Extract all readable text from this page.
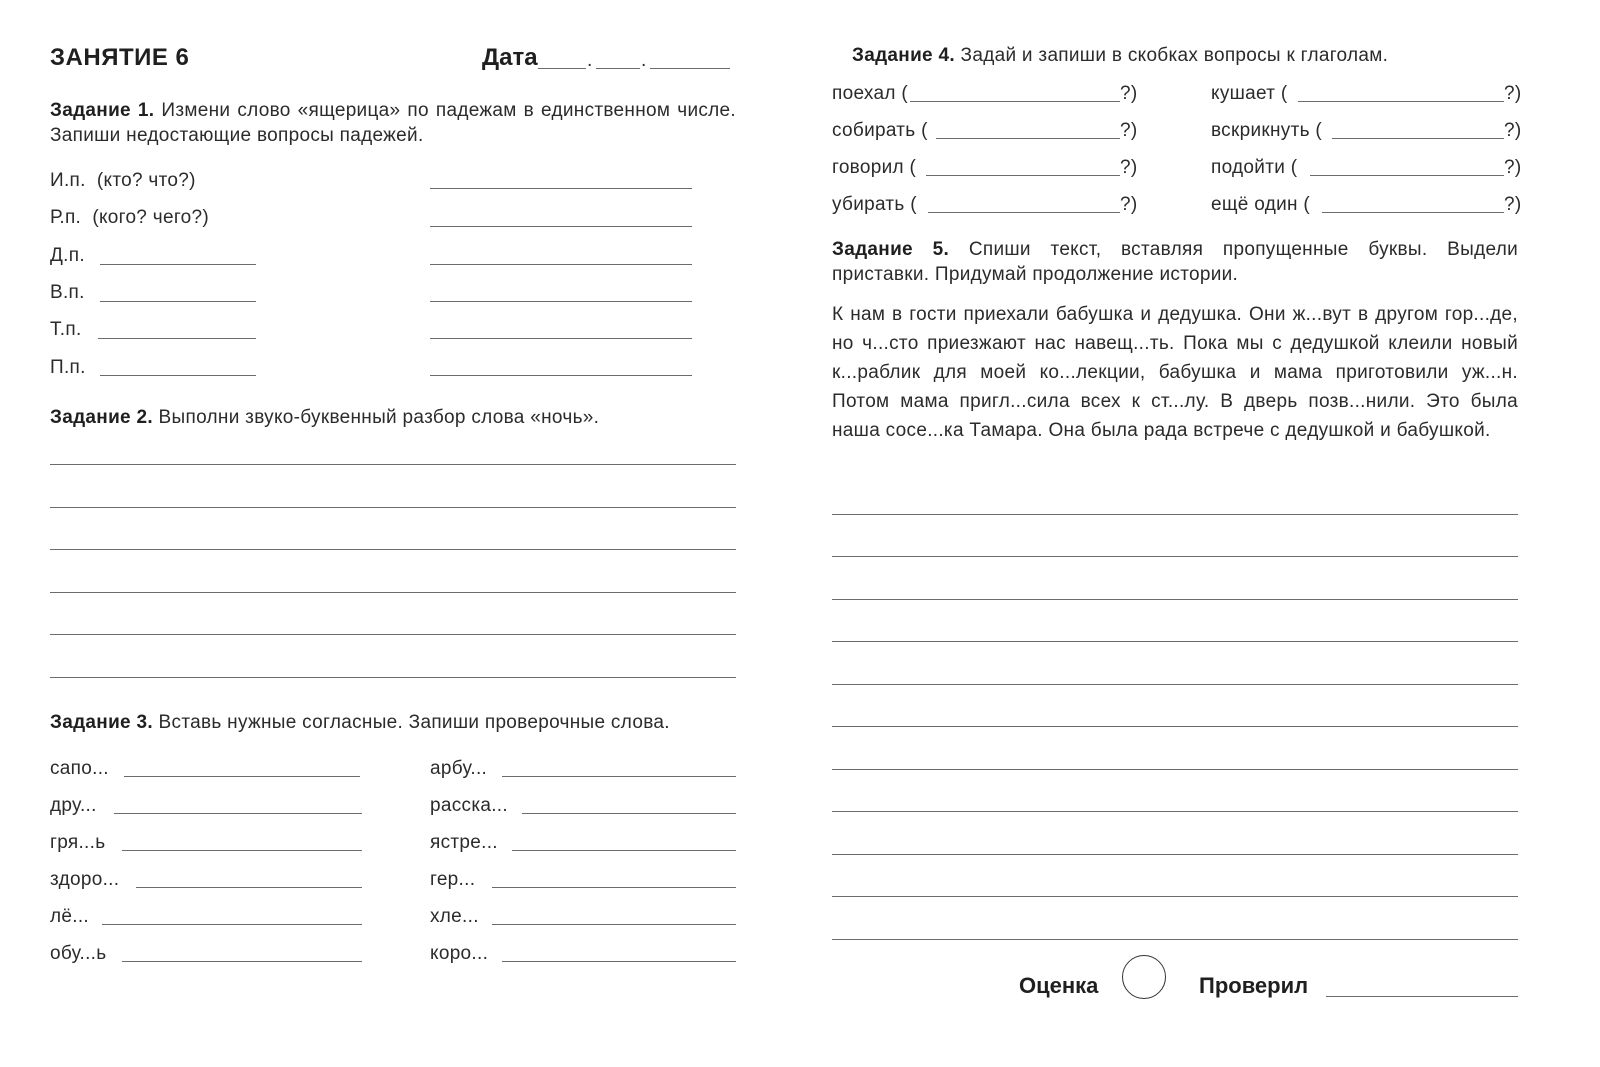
ЗАНЯТИЕ 6	Дата	.	.
Задание 1. Измени слово «ящерица» по падежам в единственном числе. Запиши недостающие вопросы падежей.
И.п. (кто? что?)
Р.п. (кого? чего?)
Д.п.
В.п.
Т.п.
П.п.
Задание 2. Выполни звуко-буквенный разбор слова «ночь».
Задание 3. Вставь нужные согласные. Запиши проверочные слова.
сапо...	арбу...
дру...	расска...
гря...ь	ястре...
здоро...	гер...
лё...	хле...
обу...ь	коро...
Задание 4. Задай и запиши в скобках вопросы к глаголам.
поехал (	?)	кушает (	?)
собирать (	?)	вскрикнуть (	?)
говорил (	?)	подойти (	?)
убирать (	?)	ещё один (	?)
Задание 5. Спиши текст, вставляя пропущенные буквы. Выдели приставки. Придумай продолжение истории.
К нам в гости приехали бабушка и дедушка. Они ж...вут в другом гор...де, но ч...сто приезжают нас навещ...ть. Пока мы с дедушкой клеили новый к...раблик для моей ко...лекции, бабушка и мама приготовили уж...н. Потом мама пригл...сила всех к ст...лу. В дверь позв...нили. Это была наша сосе...ка Тамара. Она была рада встрече с дедушкой и бабушкой.
Оценка	Проверил
